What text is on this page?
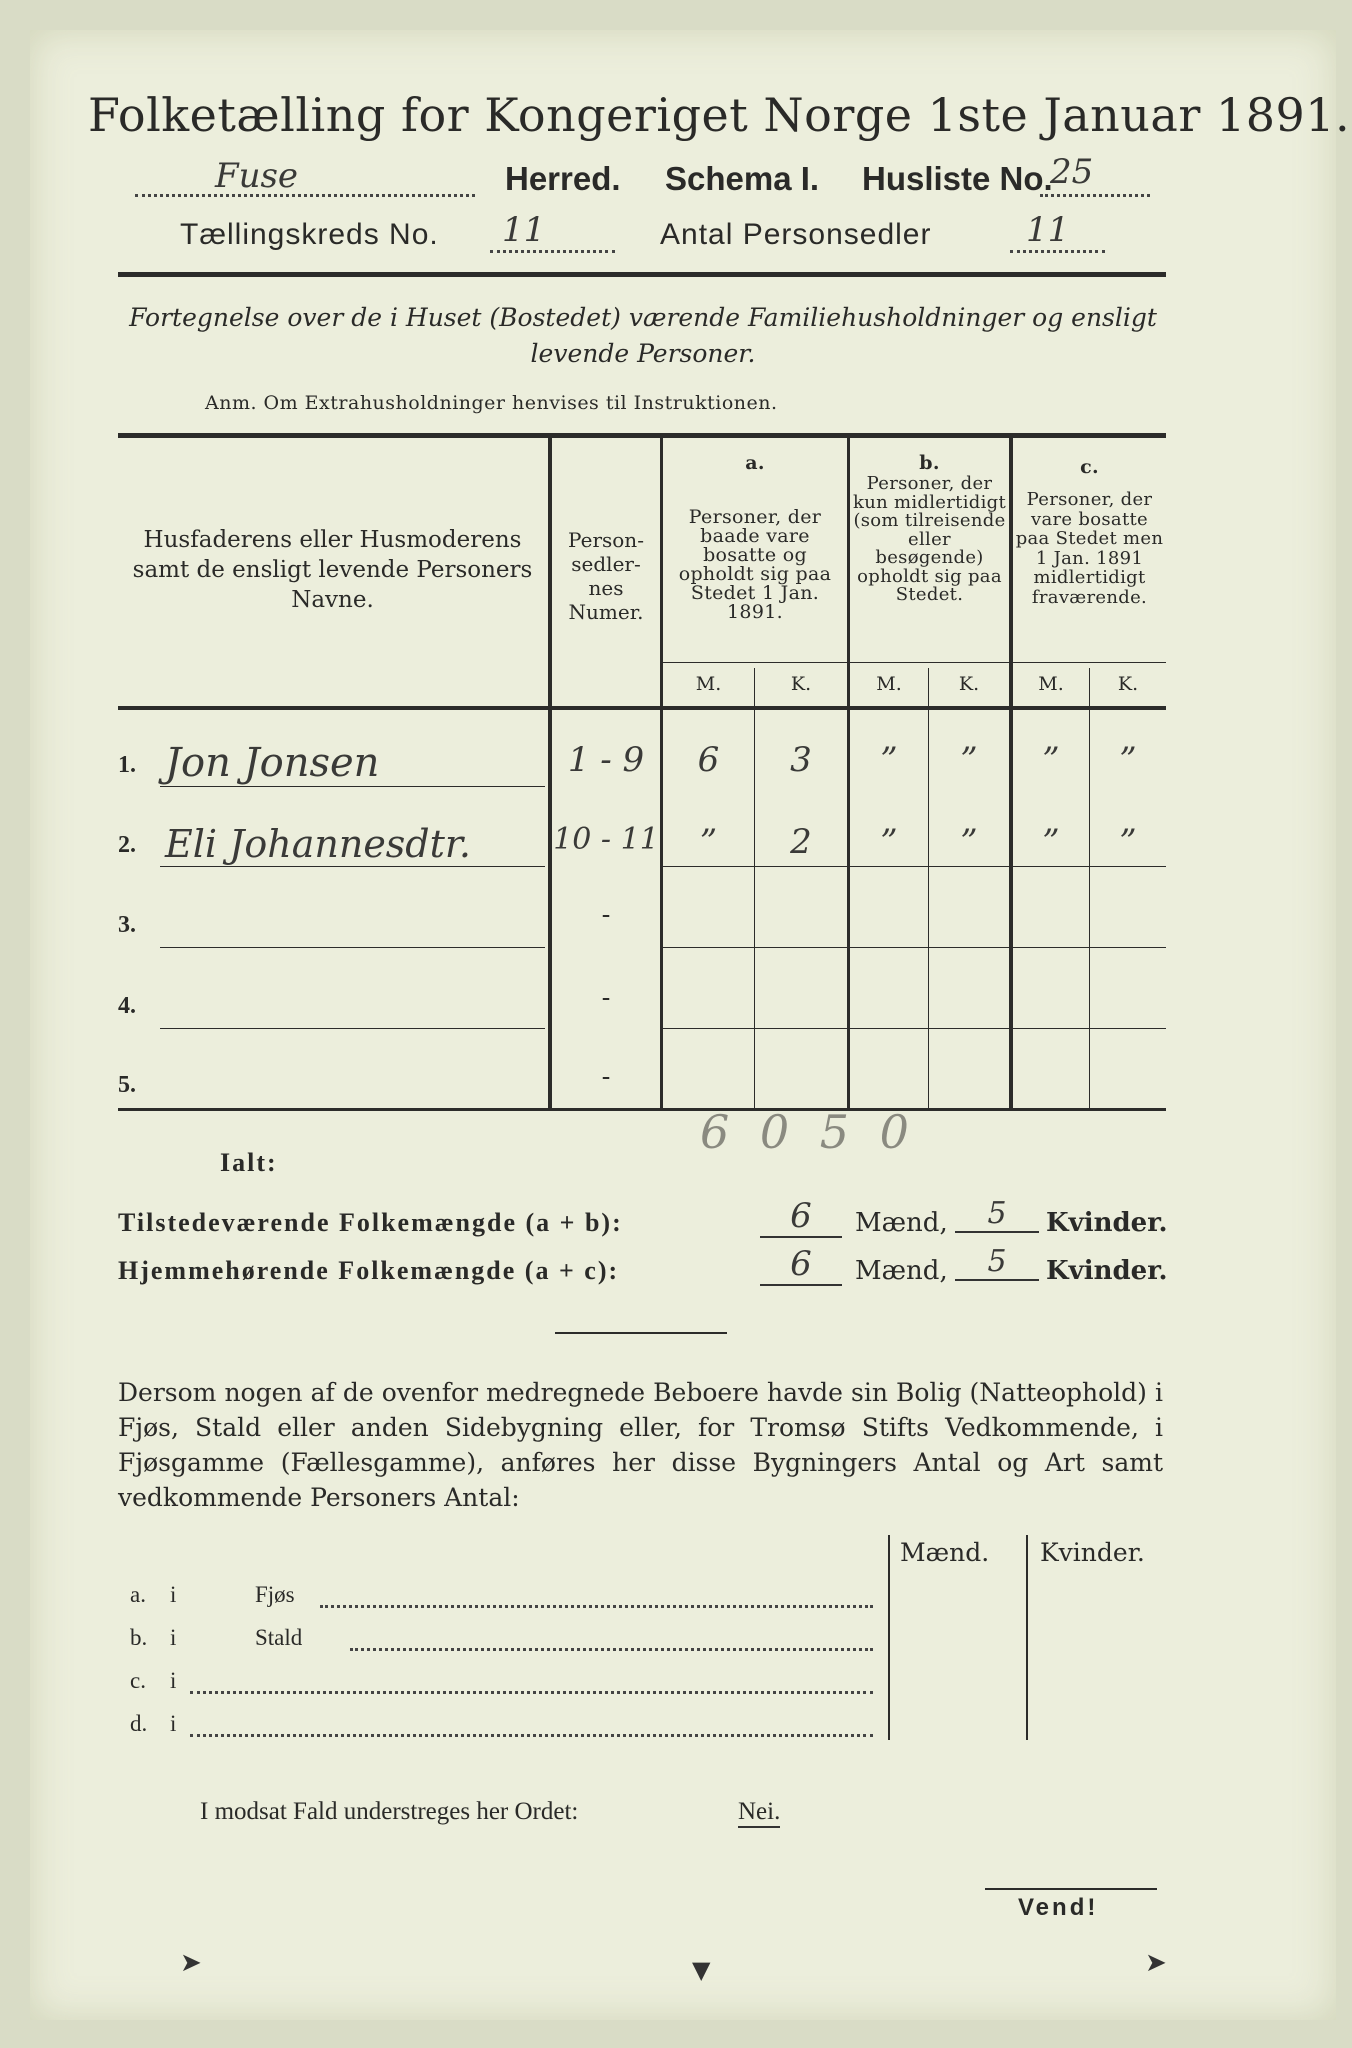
Folketælling for Kongeriget Norge 1ste Januar 1891.
Fuse	Herred. Schema I. Husliste No.
25
Tællingskreds No. 11	Antal Personsedler	11
Fortegnelse over de i Huset (Bostedet) værende Familiehusholdninger og ensligt levende Personer.
Anm. Om Extrahusholdninger henvises til Instruktionen.
Husfaderens eller Husmoderens samt de ensligt levende Personers Navne.
Person-sedler-nes Numer.
a.
Personer, der baade vare bosatte og opholdt sig paa Stedet 1 Jan. 1891.
b.
Personer, der kun midlertidigt (som tilreisende eller besøgende) opholdt sig paa Stedet.
c.
Personer, der vare bosatte paa Stedet men 1 Jan. 1891 midlertidigt fraværende.
M.	K.	M.	K.	M.	K.
1. Jon Jonsen	1 - 9	6	3	”	”	”	”
2. Eli Johannesdtr.	10 - 11	”	2	”	”	”	”
3.	-
4.	-
5.	-
6 0 5 0
Ialt:
Tilstedeværende Folkemængde (a + b):	6	Mænd,	5	Kvinder.
Hjemmehørende Folkemængde (a + c):	6	Mænd,	5	Kvinder.
Dersom nogen af de ovenfor medregnede Beboere havde sin Bolig (Natteophold) i Fjøs, Stald eller anden Sidebygning eller, for Tromsø Stifts Vedkommende, i Fjøsgamme (Fællesgamme), anføres her disse Bygningers Antal og Art samt vedkommende Personers Antal:
Mænd. Kvinder.
a. i	Fjøs
b. i	Stald
c. i
d. i
I modsat Fald understreges her Ordet:	Nei.
Vend!
➤	▼	➤
